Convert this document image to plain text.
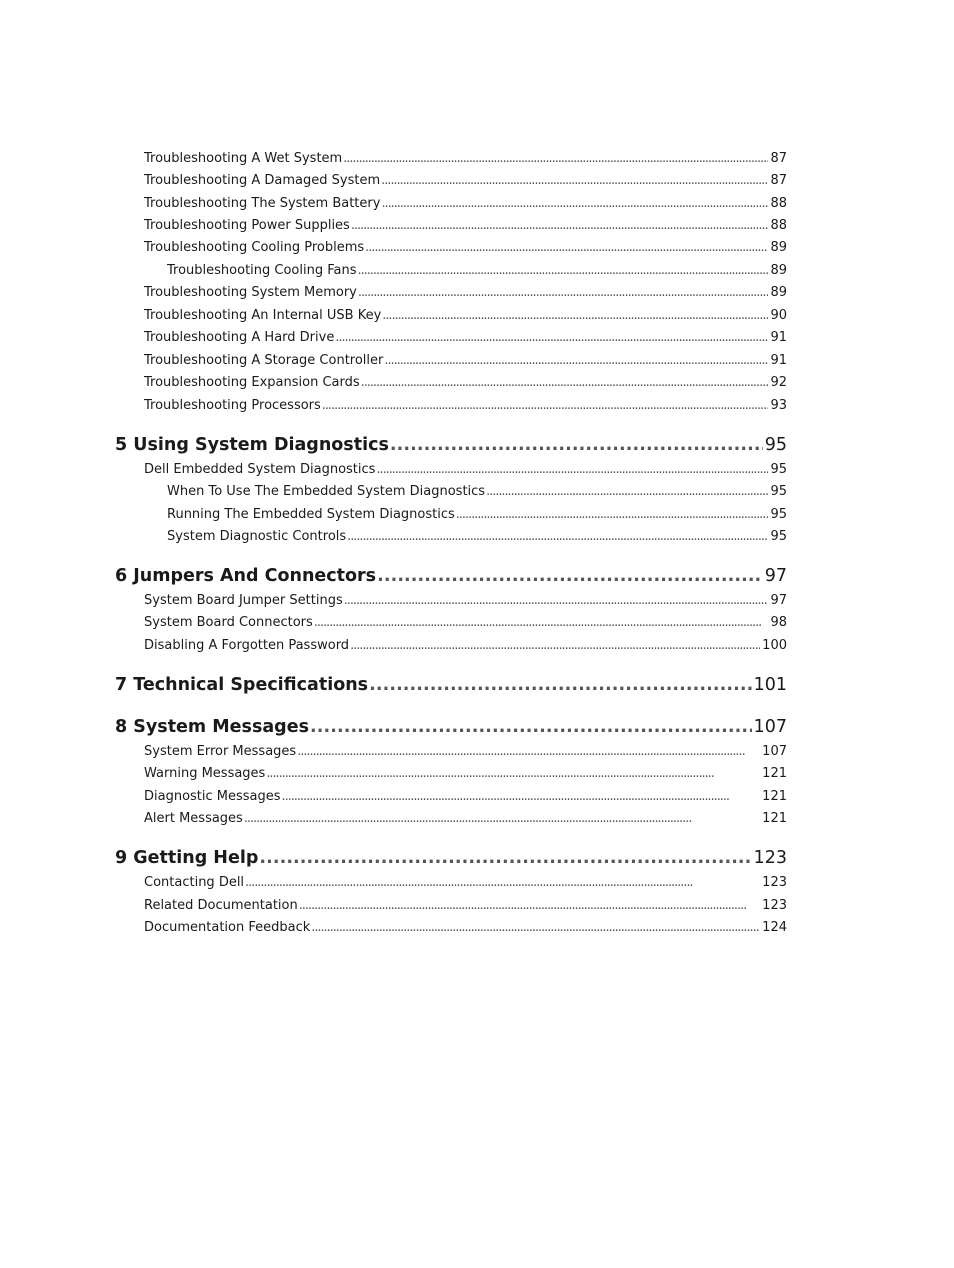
Troubleshooting A Wet System . . .	87
Troubleshooting A Damaged System . . .	87
Troubleshooting The System Battery . . .	88
Troubleshooting Power Supplies . . .	88
Troubleshooting Cooling Problems . . .	89
Troubleshooting Cooling Fans . . .	89
Troubleshooting System Memory . . .	89
Troubleshooting An Internal USB Key . . .	90
Troubleshooting A Hard Drive . . .	91
Troubleshooting A Storage Controller . . .	91
Troubleshooting Expansion Cards . . .	92
Troubleshooting Processors . . .	93
5 Using System Diagnostics . . .	95
Dell Embedded System Diagnostics . . .	95
When To Use The Embedded System Diagnostics . . .	95
Running The Embedded System Diagnostics . . .	95
System Diagnostic Controls . . .	95
6 Jumpers And Connectors . . .	97
System Board Jumper Settings . . .	97
System Board Connectors . . .	98
Disabling A Forgotten Password . . .	100
7 Technical Specifications . . .	101
8 System Messages . . .	107
System Error Messages . . .	107
Warning Messages . . .	121
Diagnostic Messages . . .	121
Alert Messages . . .	121
9 Getting Help . . .	123
Contacting Dell . . .	123
Related Documentation . . .	123
Documentation Feedback . . .	124
